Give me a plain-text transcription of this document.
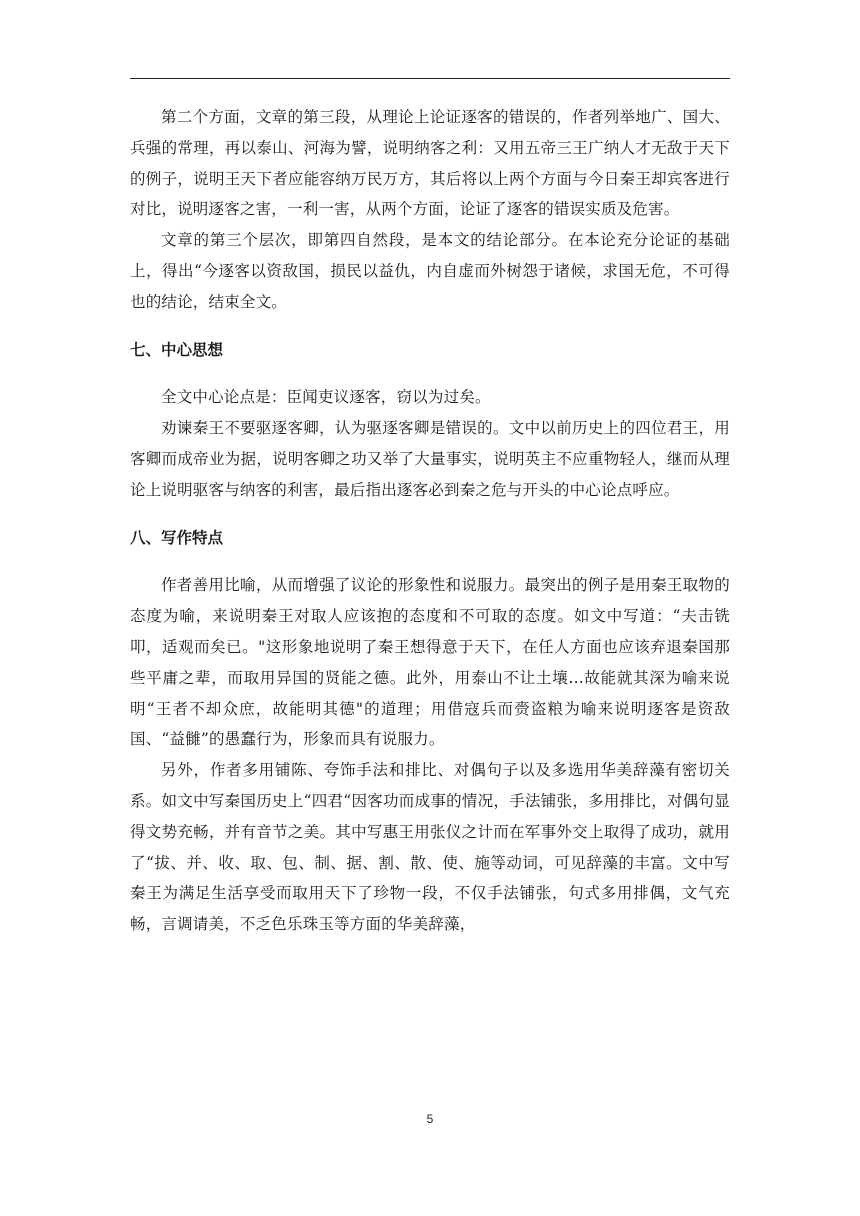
第二个方面，文章的第三段，从理论上论证逐客的错误的，作者列举地广、国大、兵强的常理，再以泰山、河海为譬，说明纳客之利：又用五帝三王广纳人才无敌于天下的例子，说明王天下者应能容纳万民万方，其后将以上两个方面与今日秦王却宾客进行对比，说明逐客之害，一利一害，从两个方面，论证了逐客的错误实质及危害。

文章的第三个层次，即第四自然段，是本文的结论部分。在本论充分论证的基础上，得出“今逐客以资敌国，损民以益仇，内自虚而外树怨于诸候，求国无危，不可得也的结论，结束全文。

七、中心思想

全文中心论点是：臣闻吏议逐客，窃以为过矣。

劝谏秦王不要驱逐客卿，认为驱逐客卿是错误的。文中以前历史上的四位君王，用客卿而成帝业为据，说明客卿之功又举了大量事实，说明英主不应重物轻人，继而从理论上说明驱客与纳客的利害，最后指出逐客必到秦之危与开头的中心论点呼应。

八、写作特点

作者善用比喻，从而增强了议论的形象性和说服力。最突出的例子是用秦王取物的态度为喻，来说明秦王对取人应该抱的态度和不可取的态度。如文中写道：“夫击铣叩，适观而矣已。"这形象地说明了秦王想得意于天下，在任人方面也应该弃退秦国那些平庸之辈，而取用异国的贤能之德。此外，用泰山不让土壤...故能就其深为喻来说明“王者不却众庶，故能明其德"的道理；用借寇兵而赍盗粮为喻来说明逐客是资敌国、“益雠”的愚蠢行为，形象而具有说服力。

另外，作者多用铺陈、夸饰手法和排比、对偶句子以及多选用华美辞藻有密切关系。如文中写秦国历史上“四君“因客功而成事的情况，手法铺张，多用排比，对偶句显得文势充畅，并有音节之美。其中写惠王用张仪之计而在军事外交上取得了成功，就用了“拔、并、收、取、包、制、据、割、散、使、施等动词，可见辞藻的丰富。文中写秦王为满足生活享受而取用天下了珍物一段，不仅手法铺张，句式多用排偶，文气充畅，言调请美，不乏色乐珠玉等方面的华美辞藻，

5
